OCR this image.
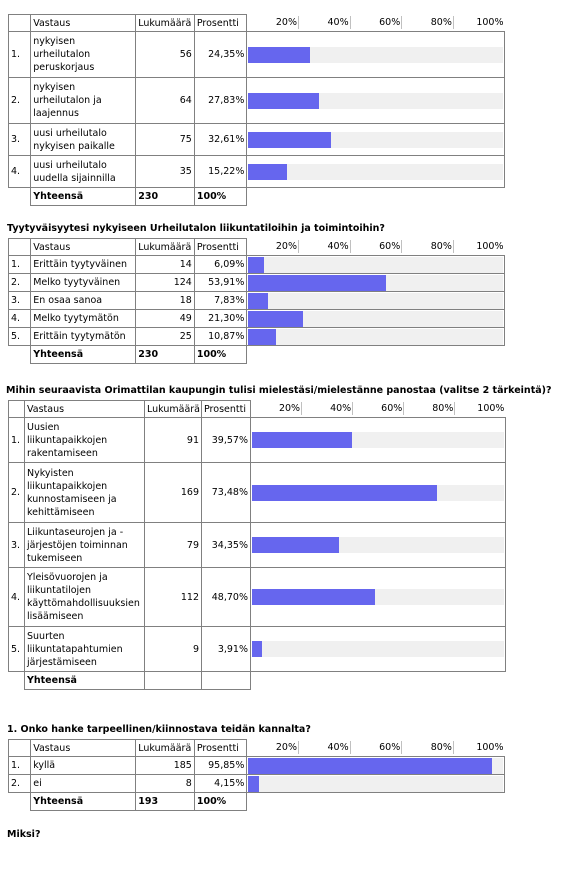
	Vastaus	Lukumäärä	Prosentti	20% 40% 60% 80% 100%

1.	nykyisen urheilutalon peruskorjaus	56	24,35%	

2.	nykyisen urheilutalon ja laajennus	64	27,83%	

3.	uusi urheilutalo nykyisen paikalle	75	32,61%	

4.	uusi urheilutalo uudella sijainnilla	35	15,22%	

	Yhteensä	230	100%	
Tyytyväisyytesi nykyiseen Urheilutalon liikuntatiloihin ja toimintoihin?
	Vastaus	Lukumäärä	Prosentti	20% 40% 60% 80% 100%

1.	Erittäin tyytyväinen	14	6,09%	

2.	Melko tyytyväinen	124	53,91%	

3.	En osaa sanoa	18	7,83%	

4.	Melko tyytymätön	49	21,30%	

5.	Erittäin tyytymätön	25	10,87%	

	Yhteensä	230	100%	
Mihin seuraavista Orimattilan kaupungin tulisi mielestäsi/mielestänne panostaa (valitse 2 tärkeintä)?
	Vastaus	Lukumäärä	Prosentti	20% 40% 60% 80% 100%

1.	Uusien liikuntapaikkojen rakentamiseen	91	39,57%	

2.	Nykyisten liikuntapaikkojen kunnostamiseen ja kehittämiseen	169	73,48%	

3.	Liikuntaseurojen ja -järjestöjen toiminnan tukemiseen	79	34,35%	

4.	Yleisövuorojen ja liikuntatilojen käyttömahdollisuuksien lisäämiseen	112	48,70%	

5.	Suurten liikuntatapahtumien järjestämiseen	9	3,91%	

	Yhteensä			
1. Onko hanke tarpeellinen/kiinnostava teidän kannalta?
	Vastaus	Lukumäärä	Prosentti	20% 40% 60% 80% 100%

1.	kyllä	185	95,85%	

2.	ei	8	4,15%	

	Yhteensä	193	100%	
Miksi?
